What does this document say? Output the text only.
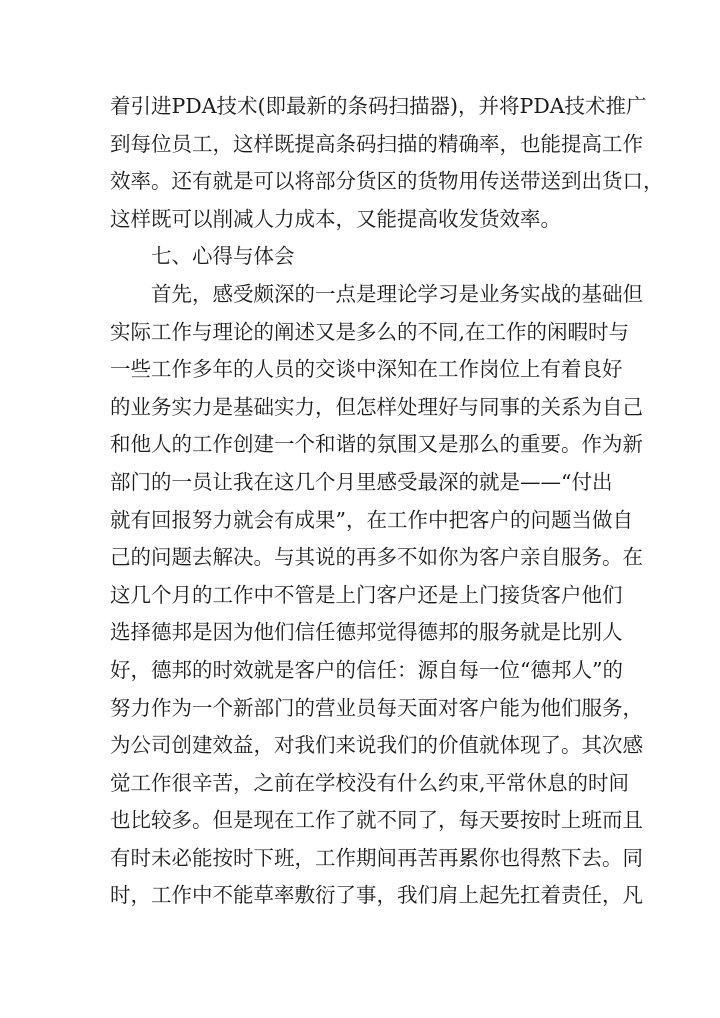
着引进PDA技术(即最新的条码扫描器)，并将PDA技术推广
到每位员工，这样既提高条码扫描的精确率，也能提高工作
效率。还有就是可以将部分货区的货物用传送带送到出货口，
这样既可以削减人力成本，又能提高收发货效率。
七、心得与体会
首先，感受颇深的一点是理论学习是业务实战的基础但
实际工作与理论的阐述又是多么的不同,在工作的闲暇时与
一些工作多年的人员的交谈中深知在工作岗位上有着良好
的业务实力是基础实力，但怎样处理好与同事的关系为自己
和他人的工作创建一个和谐的氛围又是那么的重要。作为新
部门的一员让我在这几个月里感受最深的就是——“付出
就有回报努力就会有成果”，在工作中把客户的问题当做自
己的问题去解决。与其说的再多不如你为客户亲自服务。在
这几个月的工作中不管是上门客户还是上门接货客户他们
选择德邦是因为他们信任德邦觉得德邦的服务就是比别人
好，德邦的时效就是客户的信任：源自每一位“德邦人”的
努力作为一个新部门的营业员每天面对客户能为他们服务，
为公司创建效益，对我们来说我们的价值就体现了。其次感
觉工作很辛苦，之前在学校没有什么约束,平常休息的时间
也比较多。但是现在工作了就不同了，每天要按时上班而且
有时未必能按时下班，工作期间再苦再累你也得熬下去。同
时，工作中不能草率敷衍了事，我们肩上起先扛着责任，凡
